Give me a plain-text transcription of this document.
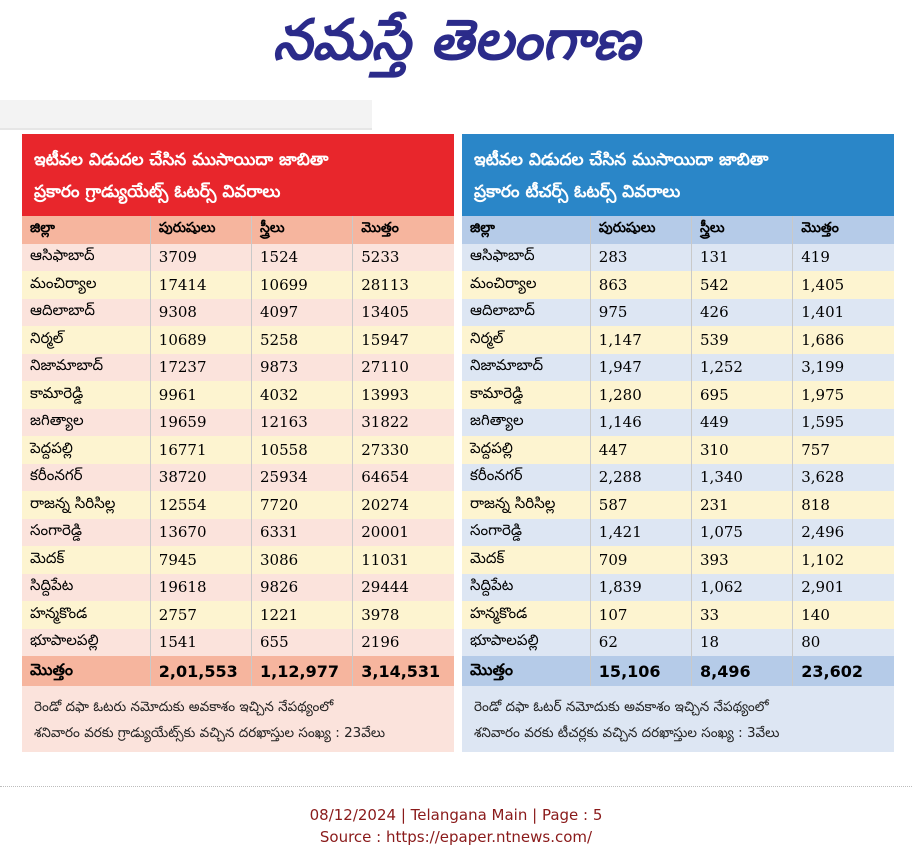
నమస్తే తెలంగాణ
ఇటీవల విడుదల చేసిన ముసాయిదా జాబితా
ప్రకారం గ్రాడ్యుయేట్స్ ఓటర్స్ వివరాలు
జిల్లా	పురుషులు	స్త్రీలు	మొత్తం
ఆసిఫాబాద్	3709	1524	5233
మంచిర్యాల	17414	10699	28113
ఆదిలాబాద్	9308	4097	13405
నిర్మల్	10689	5258	15947
నిజామాబాద్	17237	9873	27110
కామారెడ్డి	9961	4032	13993
జగిత్యాల	19659	12163	31822
పెద్దపల్లి	16771	10558	27330
కరీంనగర్	38720	25934	64654
రాజన్న సిరిసిల్ల	12554	7720	20274
సంగారెడ్డి	13670	6331	20001
మెదక్	7945	3086	11031
సిద్దిపేట	19618	9826	29444
హన్మకొండ	2757	1221	3978
భూపాలపల్లి	1541	655	2196
మొత్తం	2,01,553	1,12,977	3,14,531
రెండో దఫా ఓటరు నమోదుకు అవకాశం ఇచ్చిన నేపథ్యంలో
శనివారం వరకు గ్రాడ్యుయేట్స్‌కు వచ్చిన దరఖాస్తుల సంఖ్య : 23వేలు
ఇటీవల విడుదల చేసిన ముసాయిదా జాబితా
ప్రకారం టీచర్స్ ఓటర్స్ వివరాలు
జిల్లా	పురుషులు	స్త్రీలు	మొత్తం
ఆసిఫాబాద్	283	131	419
మంచిర్యాల	863	542	1,405
ఆదిలాబాద్	975	426	1,401
నిర్మల్	1,147	539	1,686
నిజామాబాద్	1,947	1,252	3,199
కామారెడ్డి	1,280	695	1,975
జగిత్యాల	1,146	449	1,595
పెద్దపల్లి	447	310	757
కరీంనగర్	2,288	1,340	3,628
రాజన్న సిరిసిల్ల	587	231	818
సంగారెడ్డి	1,421	1,075	2,496
మెదక్	709	393	1,102
సిద్దిపేట	1,839	1,062	2,901
హన్మకొండ	107	33	140
భూపాలపల్లి	62	18	80
మొత్తం	15,106	8,496	23,602
రెండో దఫా ఓటర్ నమోదుకు అవకాశం ఇచ్చిన నేపథ్యంలో
శనివారం వరకు టీచర్లకు వచ్చిన దరఖాస్తుల సంఖ్య : 3వేలు
08/12/2024 | Telangana Main | Page : 5
Source : https://epaper.ntnews.com/
